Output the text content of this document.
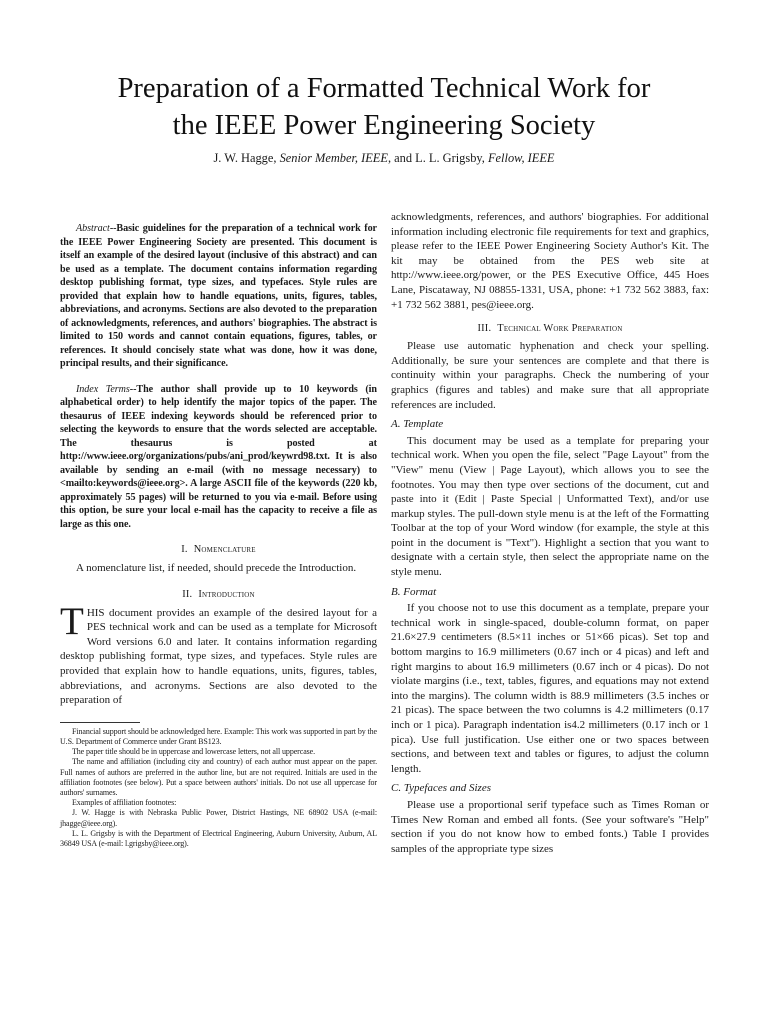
Preparation of a Formatted Technical Work for
the IEEE Power Engineering Society

J. W. Hagge, Senior Member, IEEE, and L. L. Grigsby, Fellow, IEEE

Abstract--Basic guidelines for the preparation of a technical work for the IEEE Power Engineering Society are presented. This document is itself an example of the desired layout (inclusive of this abstract) and can be used as a template. The document contains information regarding desktop publishing format, type sizes, and typefaces. Style rules are provided that explain how to handle equations, units, figures, tables, abbreviations, and acronyms. Sections are also devoted to the preparation of acknowledgments, references, and authors' biographies. The abstract is limited to 150 words and cannot contain equations, figures, tables, or references. It should concisely state what was done, how it was done, principal results, and their significance.

Index Terms--The author shall provide up to 10 keywords (in alphabetical order) to help identify the major topics of the paper. The thesaurus of IEEE indexing keywords should be referenced prior to selecting the keywords to ensure that the words selected are acceptable. The thesaurus is posted at http://www.ieee.org/organizations/pubs/ani_prod/keywrd98.txt. It is also available by sending an e-mail (with no message necessary) to <mailto:keywords@ieee.org>. A large ASCII file of the keywords (220 kb, approximately 55 pages) will be returned to you via e-mail. Before using this option, be sure your local e-mail has the capacity to receive a file as large as this one.

I. Nomenclature

A nomenclature list, if needed, should precede the Introduction.

II. Introduction

THIS document provides an example of the desired layout for a PES technical work and can be used as a template for Microsoft Word versions 6.0 and later. It contains information regarding desktop publishing format, type sizes, and typefaces. Style rules are provided that explain how to handle equations, units, figures, tables, abbreviations, and acronyms. Sections are also devoted to the preparation of

Financial support should be acknowledged here. Example: This work was supported in part by the U.S. Department of Commerce under Grant BS123.

The paper title should be in uppercase and lowercase letters, not all uppercase.

The name and affiliation (including city and country) of each author must appear on the paper. Full names of authors are preferred in the author line, but are not required. Initials are used in the affiliation footnotes (see below). Put a space between authors' initials. Do not use all uppercase for authors' surnames.

Examples of affiliation footnotes:

J. W. Hagge is with Nebraska Public Power, District Hastings, NE 68902 USA (e-mail: jhagge@ieee.org).

L. L. Grigsby is with the Department of Electrical Engineering, Auburn University, Auburn, AL 36849 USA (e-mail: l.grigsby@ieee.org).

acknowledgments, references, and authors' biographies. For additional information including electronic file requirements for text and graphics, please refer to the IEEE Power Engineering Society Author's Kit. The kit may be obtained from the PES web site at http://www.ieee.org/power, or the PES Executive Office, 445 Hoes Lane, Piscataway, NJ 08855-1331, USA, phone: +1 732 562 3883, fax: +1 732 562 3881, pes@ieee.org.

III. Technical Work Preparation

Please use automatic hyphenation and check your spelling. Additionally, be sure your sentences are complete and that there is continuity within your paragraphs. Check the numbering of your graphics (figures and tables) and make sure that all appropriate references are included.

A. Template

This document may be used as a template for preparing your technical work. When you open the file, select "Page Layout" from the "View" menu (View | Page Layout), which allows you to see the footnotes. You may then type over sections of the document, cut and paste into it (Edit | Paste Special | Unformatted Text), and/or use markup styles. The pull-down style menu is at the left of the Formatting Toolbar at the top of your Word window (for example, the style at this point in the document is "Text"). Highlight a section that you want to designate with a certain style, then select the appropriate name on the style menu.

B. Format

If you choose not to use this document as a template, prepare your technical work in single-spaced, double-column format, on paper 21.6×27.9 centimeters (8.5×11 inches or 51×66 picas). Set top and bottom margins to 16.9 millimeters (0.67 inch or 4 picas) and left and right margins to about 16.9 millimeters (0.67 inch or 4 picas). Do not violate margins (i.e., text, tables, figures, and equations may not extend into the margins). The column width is 88.9 millimeters (3.5 inches or 21 picas). The space between the two columns is 4.2 millimeters (0.17 inch or 1 pica). Paragraph indentation is4.2 millimeters (0.17 inch or 1 pica). Use full justification. Use either one or two spaces between sections, and between text and tables or figures, to adjust the column length.

C. Typefaces and Sizes

Please use a proportional serif typeface such as Times Roman or Times New Roman and embed all fonts. (See your software's "Help" section if you do not know how to embed fonts.) Table I provides samples of the appropriate type sizes
